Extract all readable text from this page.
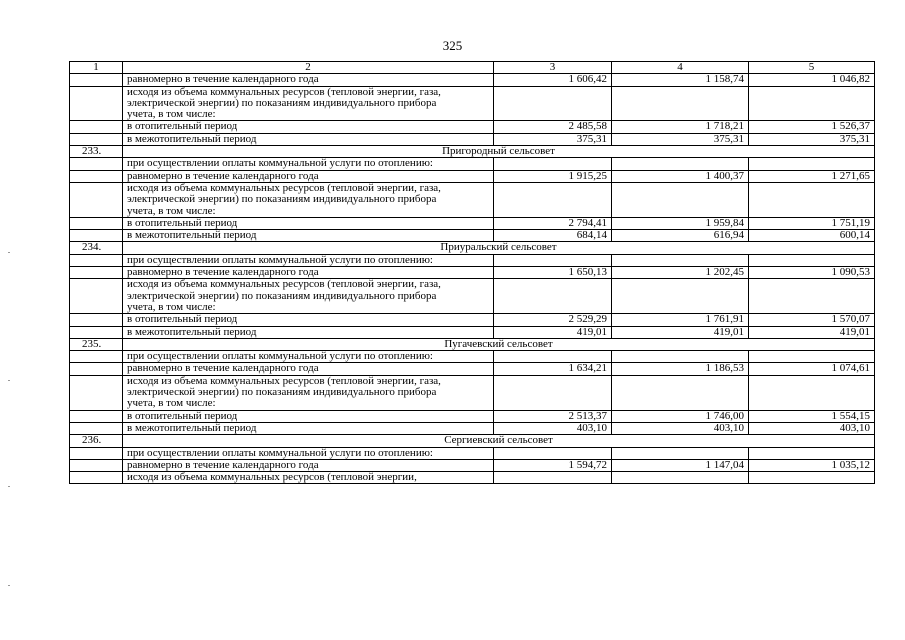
325
1	2	3	4	5
	равномерно в течение календарного года	1 606,42	1 158,74	1 046,82
	исходя из объема коммунальных ресурсов (тепловой энергии, газа, электрической энергии) по показаниям индивидуального прибора учета, в том числе:			
	в отопительный период	2 485,58	1 718,21	1 526,37
	в межотопительный период	375,31	375,31	375,31
233.	Пригородный сельсовет			
	при осуществлении оплаты коммунальной услуги по отоплению:			
	равномерно в течение календарного года	1 915,25	1 400,37	1 271,65
	исходя из объема коммунальных ресурсов (тепловой энергии, газа, электрической энергии) по показаниям индивидуального прибора учета, в том числе:			
	в отопительный период	2 794,41	1 959,84	1 751,19
	в межотопительный период	684,14	616,94	600,14
234.	Приуральский сельсовет			
	при осуществлении оплаты коммунальной услуги по отоплению:			
	равномерно в течение календарного года	1 650,13	1 202,45	1 090,53
	исходя из объема коммунальных ресурсов (тепловой энергии, газа, электрической энергии) по показаниям индивидуального прибора учета, в том числе:			
	в отопительный период	2 529,29	1 761,91	1 570,07
	в межотопительный период	419,01	419,01	419,01
235.	Пугачевский сельсовет			
	при осуществлении оплаты коммунальной услуги по отоплению:			
	равномерно в течение календарного года	1 634,21	1 186,53	1 074,61
	исходя из объема коммунальных ресурсов (тепловой энергии, газа, электрической энергии) по показаниям индивидуального прибора учета, в том числе:			
	в отопительный период	2 513,37	1 746,00	1 554,15
	в межотопительный период	403,10	403,10	403,10
236.	Сергиевский сельсовет			
	при осуществлении оплаты коммунальной услуги по отоплению:			
	равномерно в течение календарного года	1 594,72	1 147,04	1 035,12
	исходя из объема коммунальных ресурсов (тепловой энергии,			
